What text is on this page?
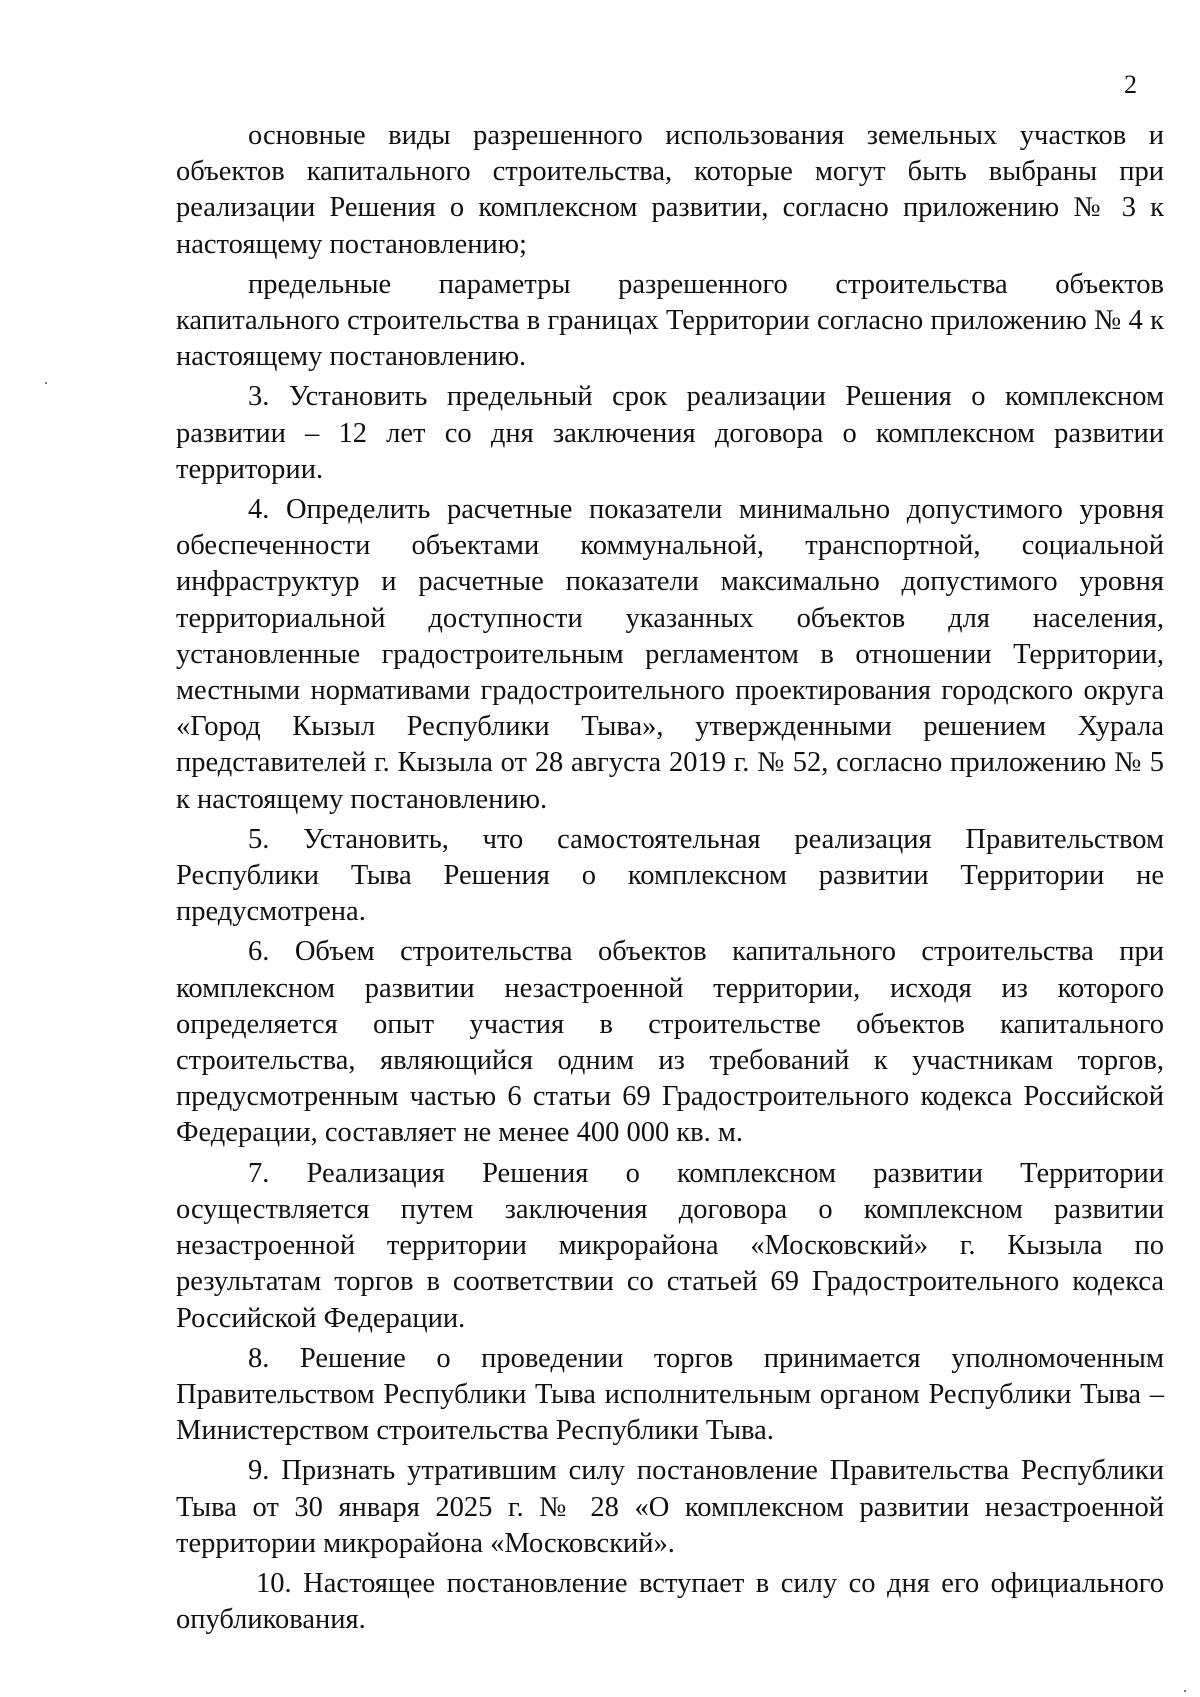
2

основные виды разрешенного использования земельных участков и объектов капитального строительства, которые могут быть выбраны при реализации Решения о комплексном развитии, согласно приложению № 3 к настоящему постановлению;

предельные параметры разрешенного строительства объектов капитального строительства в границах Территории согласно приложению № 4 к настоящему постановлению.

3. Установить предельный срок реализации Решения о комплексном развитии – 12 лет со дня заключения договора о комплексном развитии территории.

4. Определить расчетные показатели минимально допустимого уровня обеспеченности объектами коммунальной, транспортной, социальной инфраструктур и расчетные показатели максимально допустимого уровня территориальной доступности указанных объектов для населения, установленные градостроительным регламентом в отношении Территории, местными нормативами градостроительного проектирования городского округа «Город Кызыл Республики Тыва», утвержденными решением Хурала представителей г. Кызыла от 28 августа 2019 г. № 52, согласно приложению № 5 к настоящему постановлению.

5. Установить, что самостоятельная реализация Правительством Республики Тыва Решения о комплексном развитии Территории не предусмотрена.

6. Объем строительства объектов капитального строительства при комплексном развитии незастроенной территории, исходя из которого определяется опыт участия в строительстве объектов капитального строительства, являющийся одним из требований к участникам торгов, предусмотренным частью 6 статьи 69 Градостроительного кодекса Российской Федерации, составляет не менее 400 000 кв. м.

7. Реализация Решения о комплексном развитии Территории осуществляется путем заключения договора о комплексном развитии незастроенной территории микрорайона «Московский» г. Кызыла по результатам торгов в соответствии со статьей 69 Градостроительного кодекса Российской Федерации.

8. Решение о проведении торгов принимается уполномоченным Правительством Республики Тыва исполнительным органом Республики Тыва – Министерством строительства Республики Тыва.

9. Признать утратившим силу постановление Правительства Республики Тыва от 30 января 2025 г. № 28 «О комплексном развитии незастроенной территории микрорайона «Московский».

10. Настоящее постановление вступает в силу со дня его официального опубликования.
